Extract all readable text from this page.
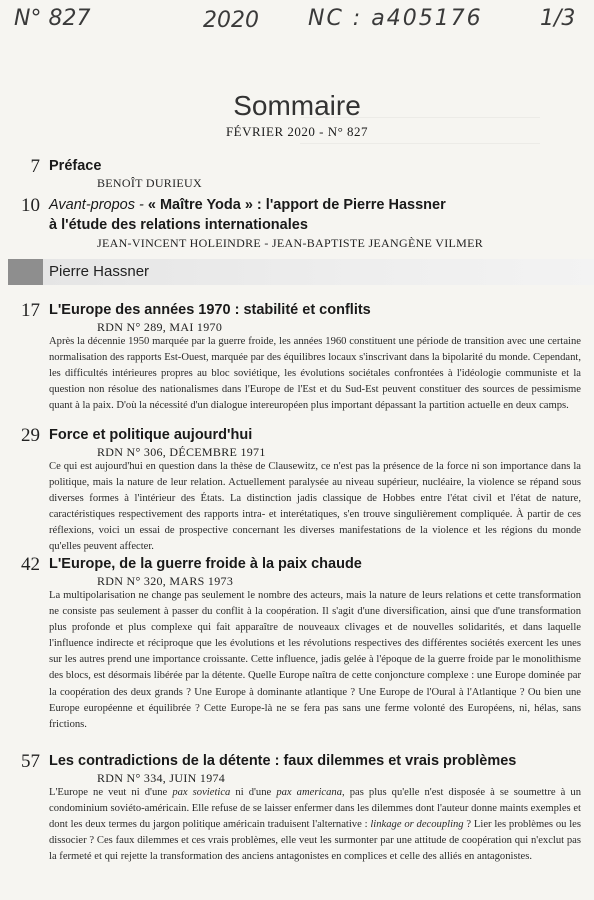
N° 827	2020 NC : a405176	1/3
Sommaire
FÉVRIER 2020 - N° 827
7 Préface
BENOÎT DURIEUX
10 Avant-propos - « Maître Yoda » : l'apport de Pierre Hassner
à l'étude des relations internationales
JEAN-VINCENT HOLEINDRE - JEAN-BAPTISTE JEANGÈNE VILMER
Pierre Hassner
17 L'Europe des années 1970 : stabilité et conflits
RDN N° 289, MAI 1970

Après la décennie 1950 marquée par la guerre froide, les années 1960 constituent une période de transition avec une certaine normalisation des rapports Est-Ouest, marquée par des équilibres locaux s'inscrivant dans la bipolarité du monde. Cependant, les difficultés intérieures propres au bloc soviétique, les évolutions sociétales confrontées à l'idéologie communiste et la question non résolue des nationalismes dans l'Europe de l'Est et du Sud-Est peuvent constituer des sources de pessimisme quant à la paix. D'où la nécessité d'un dialogue intereuropéen plus important dépassant la partition actuelle en deux camps.

29 Force et politique aujourd'hui
RDN N° 306, DÉCEMBRE 1971

Ce qui est aujourd'hui en question dans la thèse de Clausewitz, ce n'est pas la présence de la force ni son importance dans la politique, mais la nature de leur relation. Actuellement paralysée au niveau supérieur, nucléaire, la violence se répand sous diverses formes à l'intérieur des États. La distinction jadis classique de Hobbes entre l'état civil et l'état de nature, caractéristiques respectivement des rapports intra- et interétatiques, s'en trouve singulièrement compliquée. À partir de ces réflexions, voici un essai de prospective concernant les diverses manifestations de la violence et les régions du monde qu'elles peuvent affecter.

42 L'Europe, de la guerre froide à la paix chaude
RDN N° 320, MARS 1973

La multipolarisation ne change pas seulement le nombre des acteurs, mais la nature de leurs relations et cette transformation ne consiste pas seulement à passer du conflit à la coopération. Il s'agit d'une diversification, ainsi que d'une transformation plus profonde et plus complexe qui fait apparaître de nouveaux clivages et de nouvelles solidarités, et dans laquelle l'influence indirecte et réciproque que les évolutions et les révolutions respectives des différentes sociétés exercent les unes sur les autres prend une importance croissante. Cette influence, jadis gelée à l'époque de la guerre froide par le monolithisme des blocs, est désormais libérée par la détente. Quelle Europe naîtra de cette conjoncture complexe : une Europe dominée par la coopération des deux grands ? Une Europe à dominante atlantique ? Une Europe de l'Oural à l'Atlantique ? Ou bien une Europe européenne et équilibrée ? Cette Europe-là ne se fera pas sans une ferme volonté des Européens, ni, hélas, sans frictions.

57 Les contradictions de la détente : faux dilemmes et vrais problèmes
RDN N° 334, JUIN 1974

L'Europe ne veut ni d'une pax sovietica ni d'une pax americana, pas plus qu'elle n'est disposée à se soumettre à un condominium soviéto-américain. Elle refuse de se laisser enfermer dans les dilemmes dont l'auteur donne maints exemples et dont les deux termes du jargon politique américain traduisent l'alternative : linkage or decoupling ? Lier les problèmes ou les dissocier ? Ces faux dilemmes et ces vrais problèmes, elle veut les surmonter par une attitude de coopération qui n'exclut pas la fermeté et qui rejette la transformation des anciens antagonistes en complices et celle des alliés en antagonistes.
